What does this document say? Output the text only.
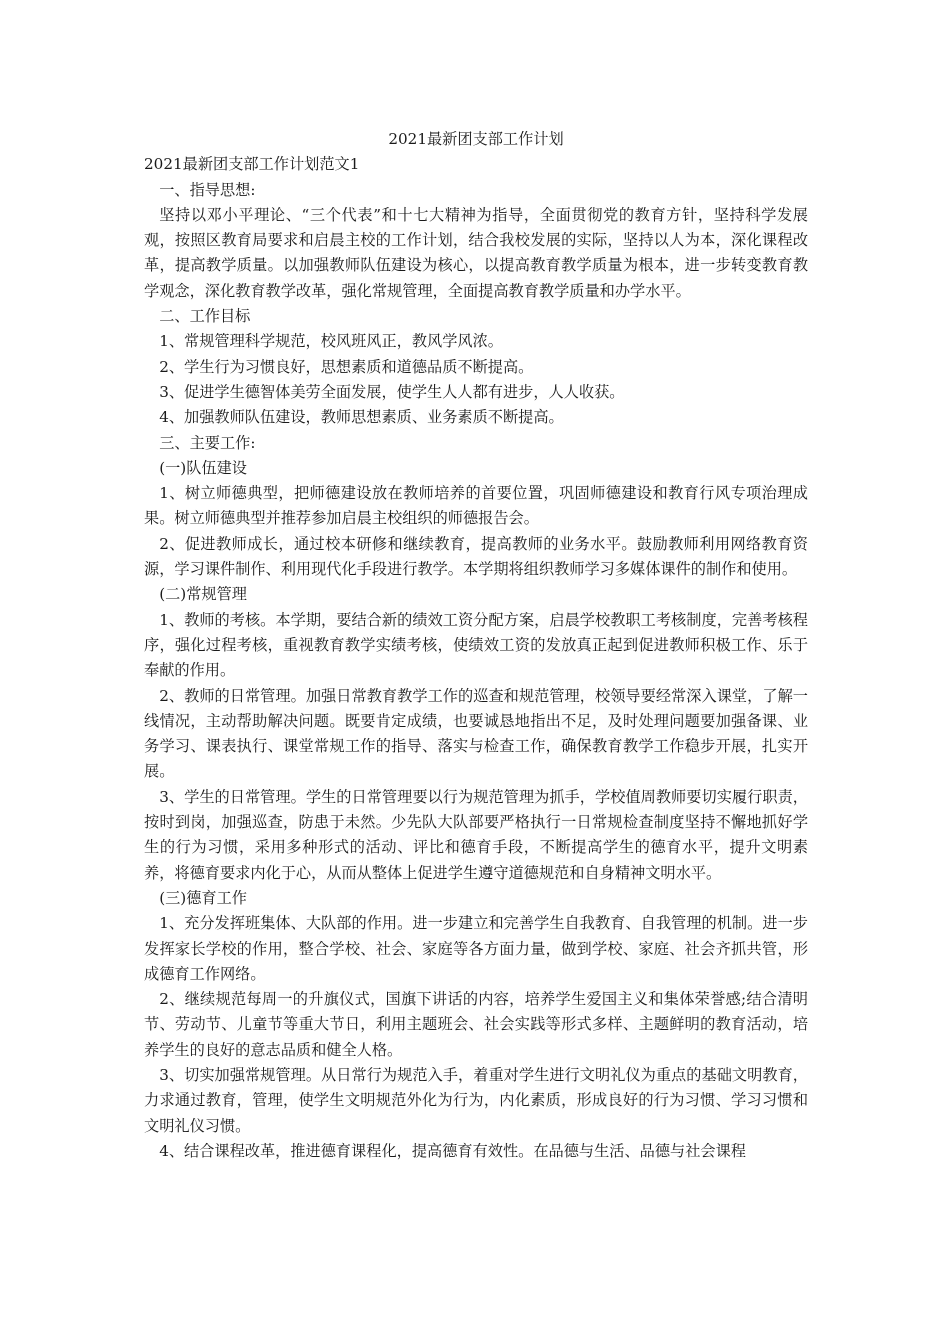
2021最新团支部工作计划

2021最新团支部工作计划范文1

一、指导思想:

坚持以邓小平理论、“三个代表”和十七大精神为指导，全面贯彻党的教育方针，坚持科学发展观，按照区教育局要求和启晨主校的工作计划，结合我校发展的实际，坚持以人为本，深化课程改革，提高教学质量。以加强教师队伍建设为核心，以提高教育教学质量为根本，进一步转变教育教学观念，深化教育教学改革，强化常规管理，全面提高教育教学质量和办学水平。

二、工作目标

1、常规管理科学规范，校风班风正，教风学风浓。

2、学生行为习惯良好，思想素质和道德品质不断提高。

3、促进学生德智体美劳全面发展，使学生人人都有进步，人人收获。

4、加强教师队伍建设，教师思想素质、业务素质不断提高。

三、主要工作:

(一)队伍建设

1、树立师德典型，把师德建设放在教师培养的首要位置，巩固师德建设和教育行风专项治理成果。树立师德典型并推荐参加启晨主校组织的师德报告会。

2、促进教师成长，通过校本研修和继续教育，提高教师的业务水平。鼓励教师利用网络教育资源，学习课件制作、利用现代化手段进行教学。本学期将组织教师学习多媒体课件的制作和使用。

(二)常规管理

1、教师的考核。本学期，要结合新的绩效工资分配方案，启晨学校教职工考核制度，完善考核程序，强化过程考核，重视教育教学实绩考核，使绩效工资的发放真正起到促进教师积极工作、乐于奉献的作用。

2、教师的日常管理。加强日常教育教学工作的巡查和规范管理，校领导要经常深入课堂，了解一线情况，主动帮助解决问题。既要肯定成绩，也要诚恳地指出不足，及时处理问题要加强备课、业务学习、课表执行、课堂常规工作的指导、落实与检查工作，确保教育教学工作稳步开展，扎实开展。

3、学生的日常管理。学生的日常管理要以行为规范管理为抓手，学校值周教师要切实履行职责，按时到岗，加强巡查，防患于未然。少先队大队部要严格执行一日常规检查制度坚持不懈地抓好学生的行为习惯，采用多种形式的活动、评比和德育手段，不断提高学生的德育水平，提升文明素养，将德育要求内化于心，从而从整体上促进学生遵守道德规范和自身精神文明水平。

(三)德育工作

1、充分发挥班集体、大队部的作用。进一步建立和完善学生自我教育、自我管理的机制。进一步发挥家长学校的作用，整合学校、社会、家庭等各方面力量，做到学校、家庭、社会齐抓共管，形成德育工作网络。

2、继续规范每周一的升旗仪式，国旗下讲话的内容，培养学生爱国主义和集体荣誉感;结合清明节、劳动节、儿童节等重大节日，利用主题班会、社会实践等形式多样、主题鲜明的教育活动，培养学生的良好的意志品质和健全人格。

3、切实加强常规管理。从日常行为规范入手，着重对学生进行文明礼仪为重点的基础文明教育，力求通过教育，管理，使学生文明规范外化为行为，内化素质，形成良好的行为习惯、学习习惯和文明礼仪习惯。

4、结合课程改革，推进德育课程化，提高德育有效性。在品德与生活、品德与社会课程
